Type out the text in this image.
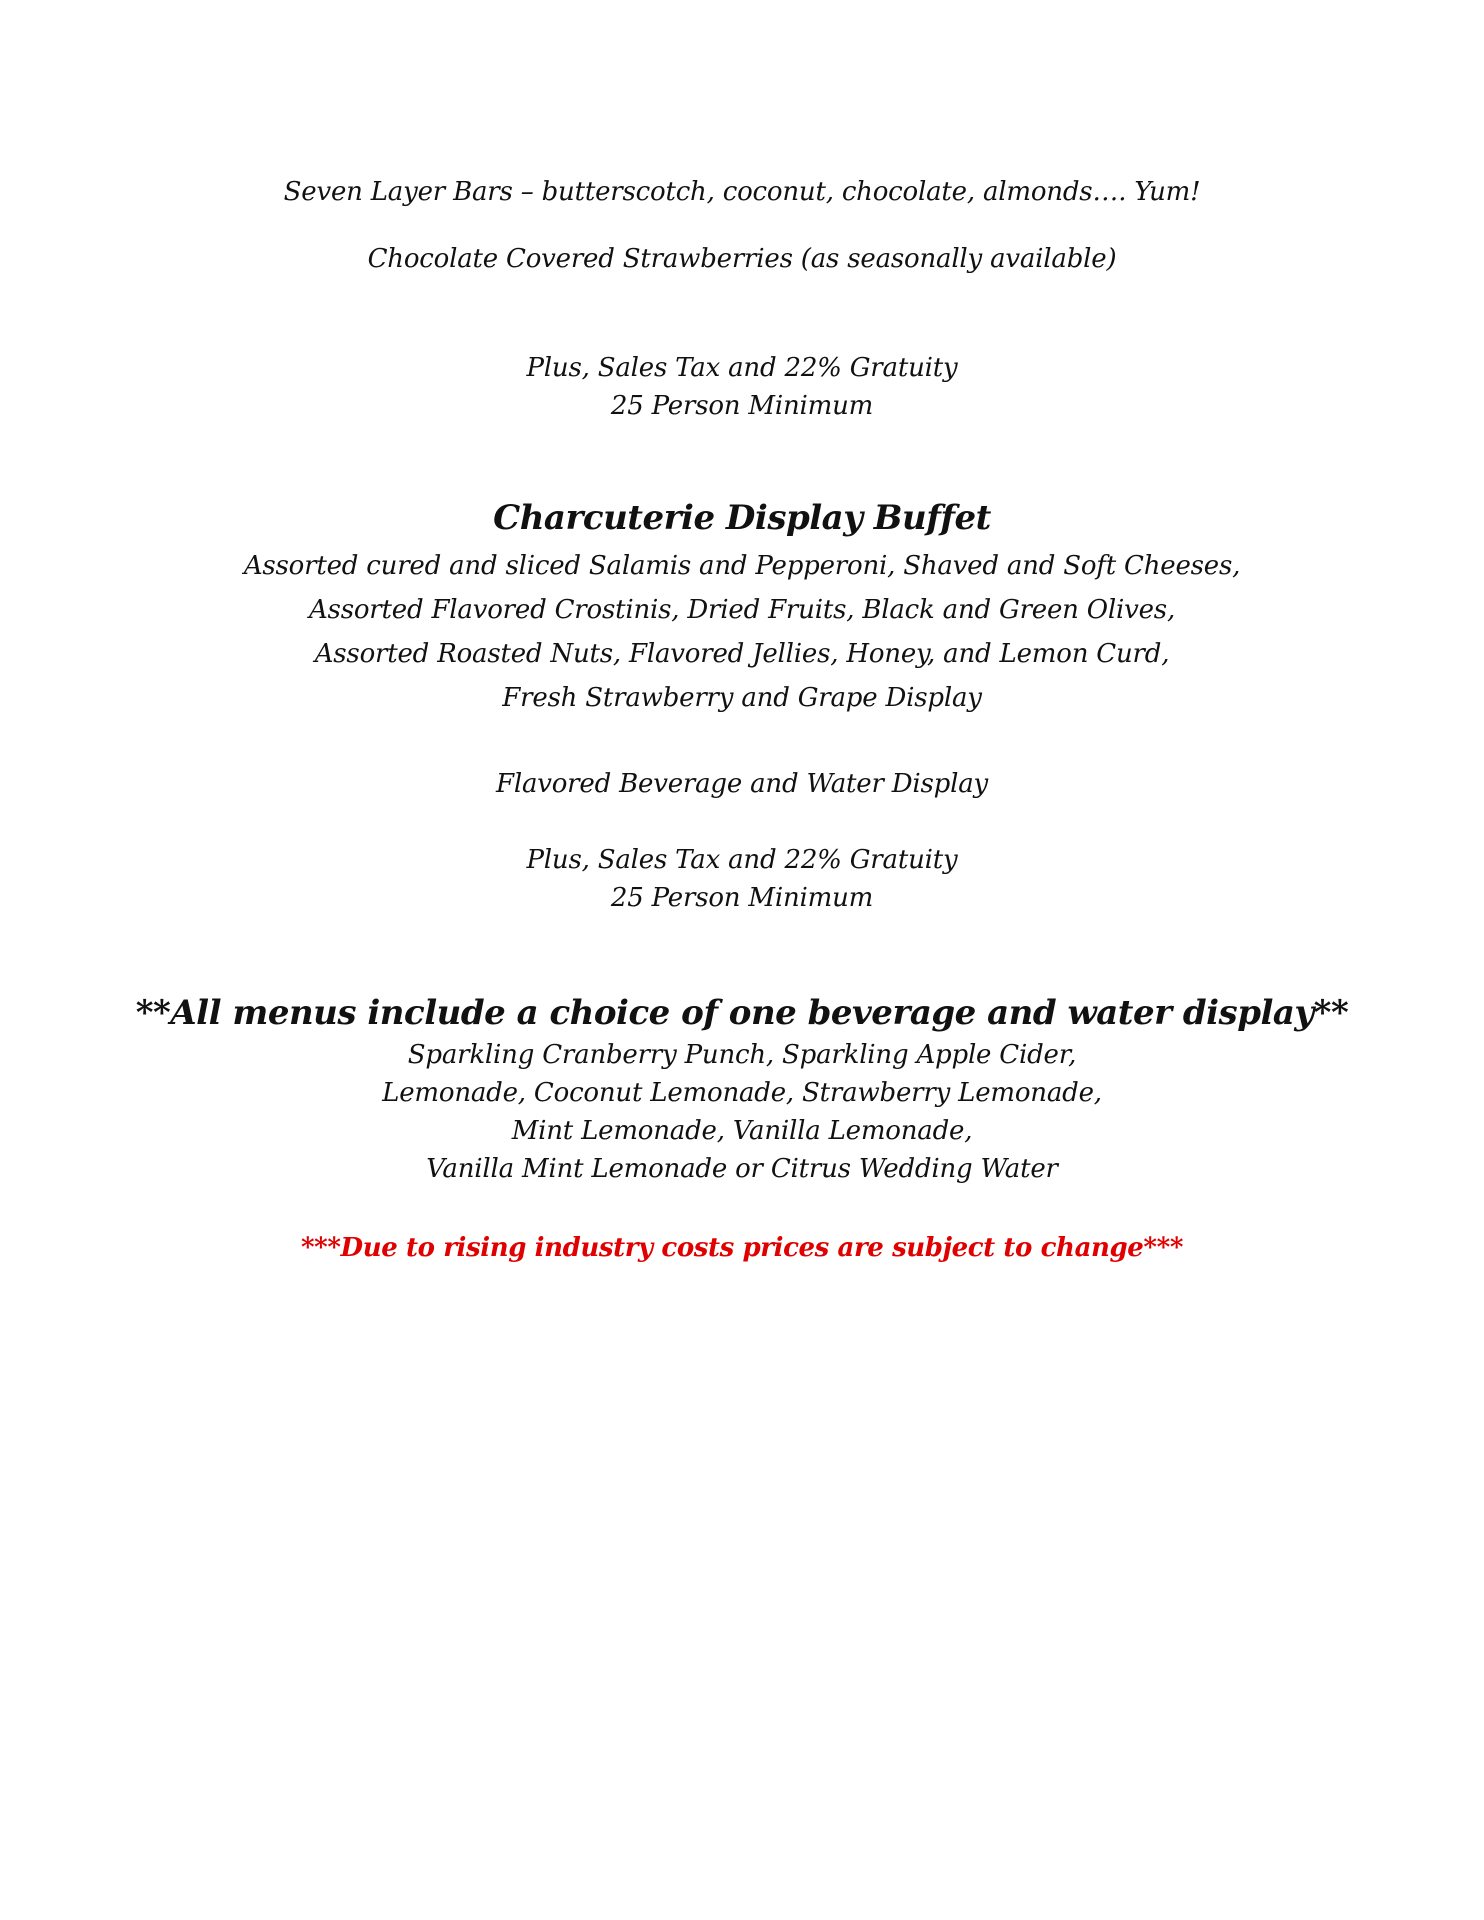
Seven Layer Bars – butterscotch, coconut, chocolate, almonds…. Yum!
Chocolate Covered Strawberries (as seasonally available)
Plus, Sales Tax and 22% Gratuity
25 Person Minimum
Charcuterie Display Buffet
Assorted cured and sliced Salamis and Pepperoni, Shaved and Soft Cheeses,
Assorted Flavored Crostinis, Dried Fruits, Black and Green Olives,
Assorted Roasted Nuts, Flavored Jellies, Honey, and Lemon Curd,
Fresh Strawberry and Grape Display
Flavored Beverage and Water Display
Plus, Sales Tax and 22% Gratuity
25 Person Minimum
**All menus include a choice of one beverage and water display**
Sparkling Cranberry Punch, Sparkling Apple Cider,
Lemonade, Coconut Lemonade, Strawberry Lemonade,
Mint Lemonade, Vanilla Lemonade,
Vanilla Mint Lemonade or Citrus Wedding Water
***Due to rising industry costs prices are subject to change***
